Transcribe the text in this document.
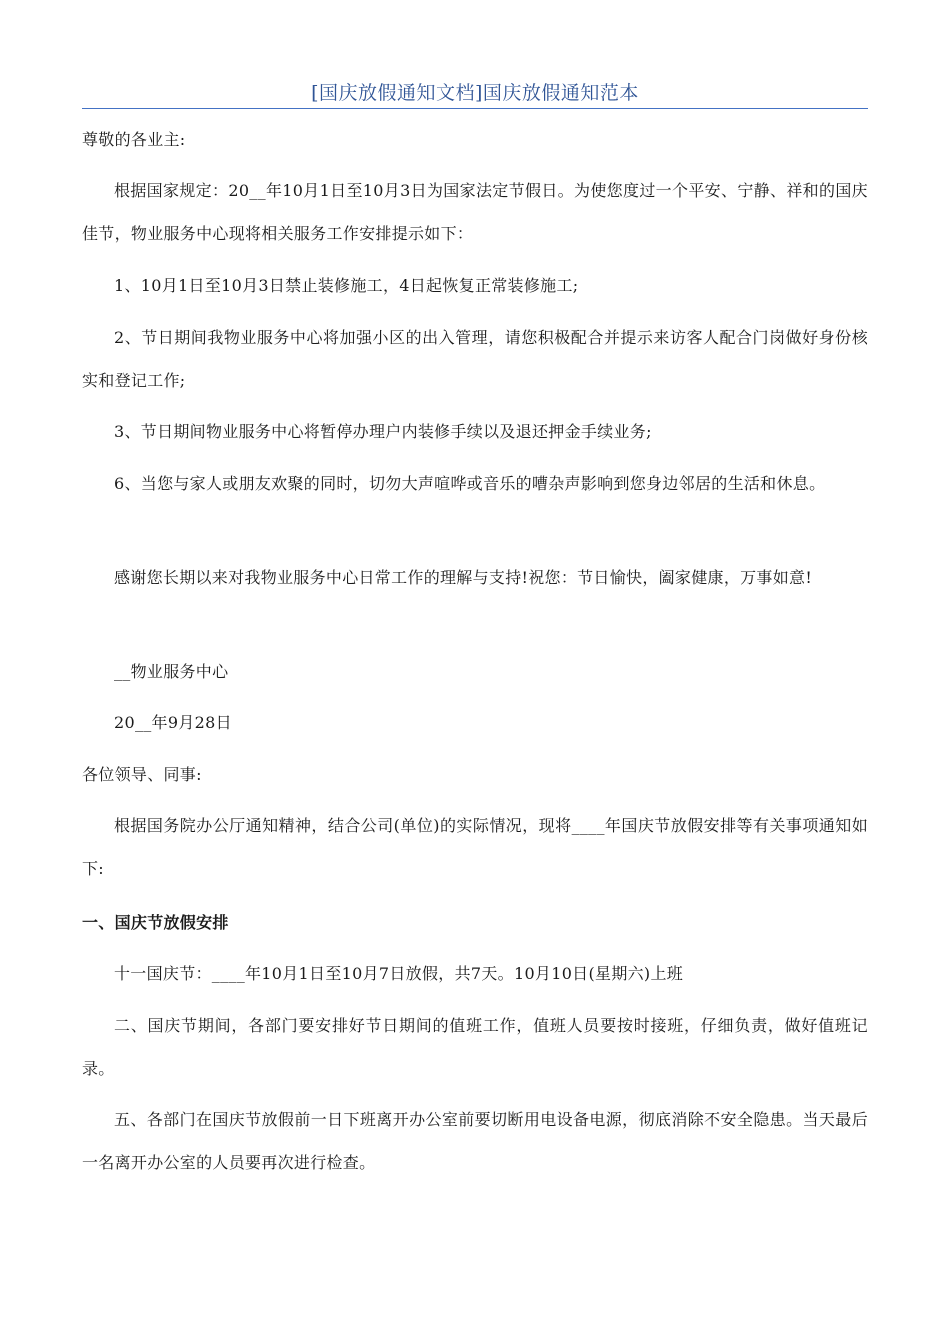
[国庆放假通知文档]国庆放假通知范本

尊敬的各业主:

根据国家规定：20__年10月1日至10月3日为国家法定节假日。为使您度过一个平安、宁静、祥和的国庆佳节，物业服务中心现将相关服务工作安排提示如下：

1、10月1日至10月3日禁止装修施工，4日起恢复正常装修施工;

2、节日期间我物业服务中心将加强小区的出入管理，请您积极配合并提示来访客人配合门岗做好身份核实和登记工作;

3、节日期间物业服务中心将暂停办理户内装修手续以及退还押金手续业务;

6、当您与家人或朋友欢聚的同时，切勿大声喧哗或音乐的嘈杂声影响到您身边邻居的生活和休息。

感谢您长期以来对我物业服务中心日常工作的理解与支持!祝您：节日愉快，阖家健康，万事如意!

__物业服务中心

20__年9月28日

各位领导、同事:

根据国务院办公厅通知精神，结合公司(单位)的实际情况，现将____年国庆节放假安排等有关事项通知如下:

一、国庆节放假安排

十一国庆节：____年10月1日至10月7日放假，共7天。10月10日(星期六)上班

二、国庆节期间，各部门要安排好节日期间的值班工作，值班人员要按时接班，仔细负责，做好值班记录。

五、各部门在国庆节放假前一日下班离开办公室前要切断用电设备电源，彻底消除不安全隐患。当天最后一名离开办公室的人员要再次进行检查。
